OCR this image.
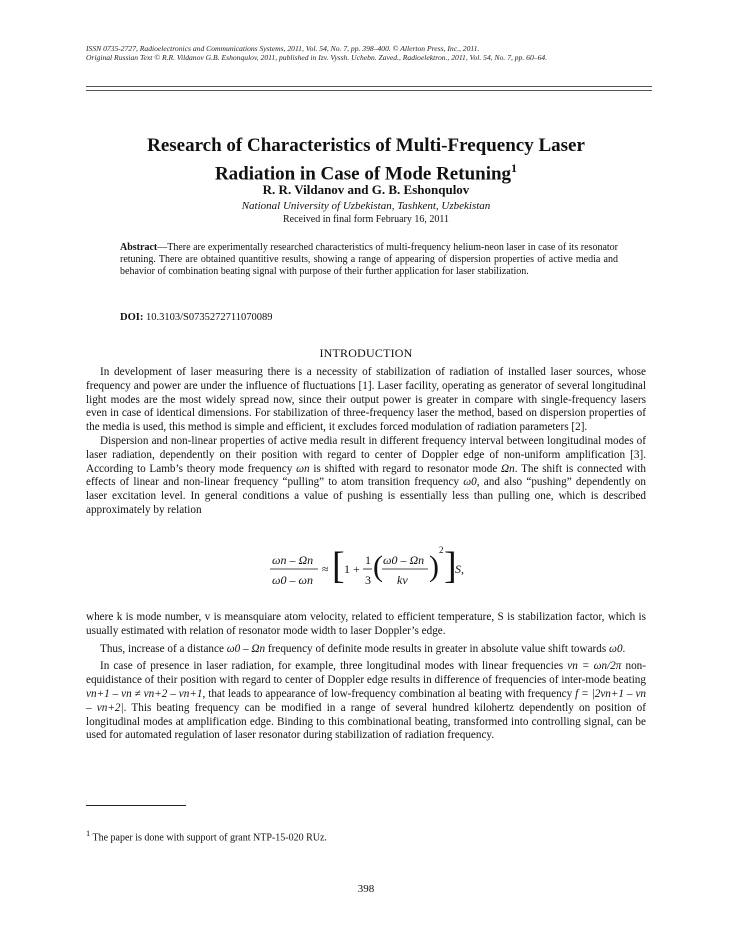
ISSN 0735-2727, Radioelectronics and Communications Systems, 2011, Vol. 54, No. 7, pp. 398–400. © Allerton Press, Inc., 2011.
Original Russian Text © R.R. Vildanov G.B. Eshonqulov, 2011, published in Izv. Vyssh. Uchebn. Zaved., Radioelektron., 2011, Vol. 54, No. 7, pp. 60–64.
Research of Characteristics of Multi-Frequency Laser
Radiation in Case of Mode Retuning$^1$
R. R. Vildanov and G. B. Eshonqulov
National University of Uzbekistan, Tashkent, Uzbekistan
Received in final form February 16, 2011
Abstract—There are experimentally researched characteristics of multi-frequency helium-neon laser in case of its resonator retuning. There are obtained quantitive results, showing a range of appearing of dispersion properties of active media and behavior of combination beating signal with purpose of their further application for laser stabilization.
DOI: 10.3103/S0735272711070089
INTRODUCTION

In development of laser measuring there is a necessity of stabilization of radiation of installed laser sources, whose frequency and power are under the influence of fluctuations [1]. Laser facility, operating as generator of several longitudinal light modes are the most widely spread now, since their output power is greater in compare with single-frequency lasers even in case of identical dimensions. For stabilization of three-frequency laser the method, based on dispersion properties of the media is used, this method is simple and efficient, it excludes forced modulation of radiation parameters [2].

Dispersion and non-linear properties of active media result in different frequency interval between longitudinal modes of laser radiation, dependently on their position with regard to center of Doppler edge of non-uniform amplification [3]. According to Lamb’s theory mode frequency ωn is shifted with regard to resonator mode Ωn. The shift is connected with effects of linear and non-linear frequency “pulling” to atom transition frequency ω0, and also “pushing” dependently on laser excitation level. In general conditions a value of pushing is essentially less than pulling one, which is described approximately by relation

ωn – Ωn
ω0 – ωn
≈ [ 1 +
1
3 ( ω0 – Ωn
kv ) 2 ]
S,

where k is mode number, v is meansquiare atom velocity, related to efficient temperature, S is stabilization factor, which is usually estimated with relation of resonator mode width to laser Doppler’s edge.

Thus, increase of a distance ω0 – Ωn frequency of definite mode results in greater in absolute value shift towards ω0.

In case of presence in laser radiation, for example, three longitudinal modes with linear frequencies νn = ωn/2π non-equidistance of their position with regard to center of Doppler edge results in difference of frequencies of inter-mode beating νn+1 – νn ≠ νn+2 – νn+1, that leads to appearance of low-frequency combination al beating with frequency f = |2νn+1 – νn – νn+2|. This beating frequency can be modified in a range of several hundred kilohertz dependently on position of longitudinal modes at amplification edge. Binding to this combinational beating, transformed into controlling signal, can be used for automated regulation of laser resonator during stabilization of radiation frequency.

$^1$ The paper is done with support of grant NTP-15-020 RUz.
398
